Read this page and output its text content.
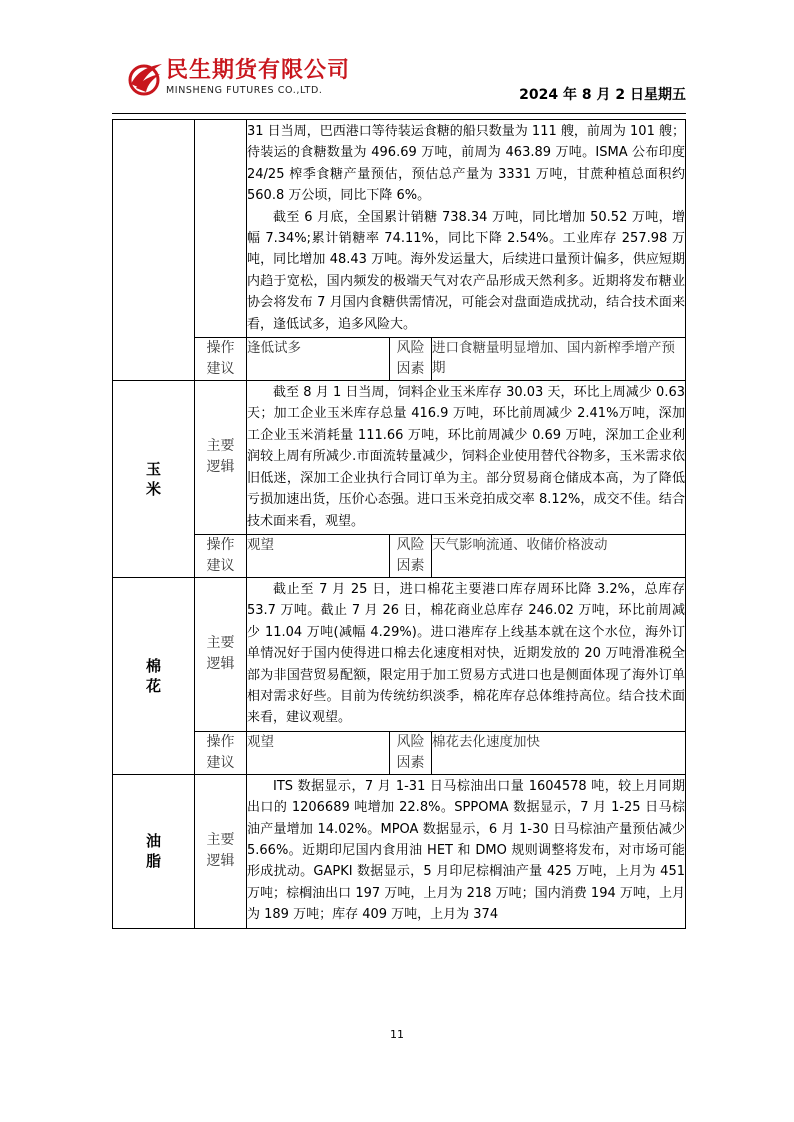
民生期货有限公司
MINSHENG FUTURES CO.,LTD.	2024 年 8 月 2 日星期五

		31 日当周，巴西港口等待装运食糖的船只数量为 111 艘，前周为 101 艘；待装运的食糖数量为 496.69 万吨，前周为 463.89 万吨。ISMA 公布印度 24/25 榨季食糖产量预估，预估总产量为 3331 万吨，甘蔗种植总面积约 560.8 万公顷，同比下降 6%。

截至 6 月底，全国累计销糖 738.34 万吨，同比增加 50.52 万吨，增幅 7.34%;累计销糖率 74.11%，同比下降 2.54%。工业库存 257.98 万吨，同比增加 48.43 万吨。海外发运量大，后续进口量预计偏多，供应短期内趋于宽松，国内频发的极端天气对农产品形成天然利多。近期将发布糖业协会将发布 7 月国内食糖供需情况，可能会对盘面造成扰动，结合技术面来看，逢低试多，追多风险大。		

	操作建议	逢低试多	风险因素	进口食糖量明显增加、国内新榨季增产预期
玉米	主要逻辑	截至 8 月 1 日当周，饲料企业玉米库存 30.03 天，环比上周减少 0.63 天；加工企业玉米库存总量 416.9 万吨，环比前周减少 2.41%万吨，深加工企业玉米消耗量 111.66 万吨，环比前周减少 0.69 万吨，深加工企业利润较上周有所减少.市面流转量减少，饲料企业使用替代谷物多，玉米需求依旧低迷，深加工企业执行合同订单为主。部分贸易商仓储成本高，为了降低亏损加速出货，压价心态强。进口玉米竞拍成交率 8.12%，成交不佳。结合技术面来看，观望。		

	操作建议	观望	风险因素	天气影响流通、收储价格波动
棉花	主要逻辑	截止至 7 月 25 日，进口棉花主要港口库存周环比降 3.2%，总库存 53.7 万吨。截止 7 月 26 日，棉花商业总库存 246.02 万吨，环比前周减少 11.04 万吨(减幅 4.29%)。进口港库存上线基本就在这个水位，海外订单情况好于国内使得进口棉去化速度相对快，近期发放的 20 万吨滑准税全部为非国营贸易配额，限定用于加工贸易方式进口也是侧面体现了海外订单相对需求好些。目前为传统纺织淡季，棉花库存总体维持高位。结合技术面来看，建议观望。		

	操作建议	观望	风险因素	棉花去化速度加快
油脂	主要逻辑	ITS 数据显示，7 月 1-31 日马棕油出口量 1604578 吨，较上月同期出口的 1206689 吨增加 22.8%。SPPOMA 数据显示，7 月 1-25 日马棕油产量增加 14.02%。MPOA 数据显示，6 月 1-30 日马棕油产量预估减少 5.66%。近期印尼国内食用油 HET 和 DMO 规则调整将发布，对市场可能形成扰动。GAPKI 数据显示，5 月印尼棕榈油产量 425 万吨，上月为 451 万吨；棕榈油出口 197 万吨，上月为 218 万吨；国内消费 194 万吨，上月为 189 万吨；库存 409 万吨，上月为 374		

11
